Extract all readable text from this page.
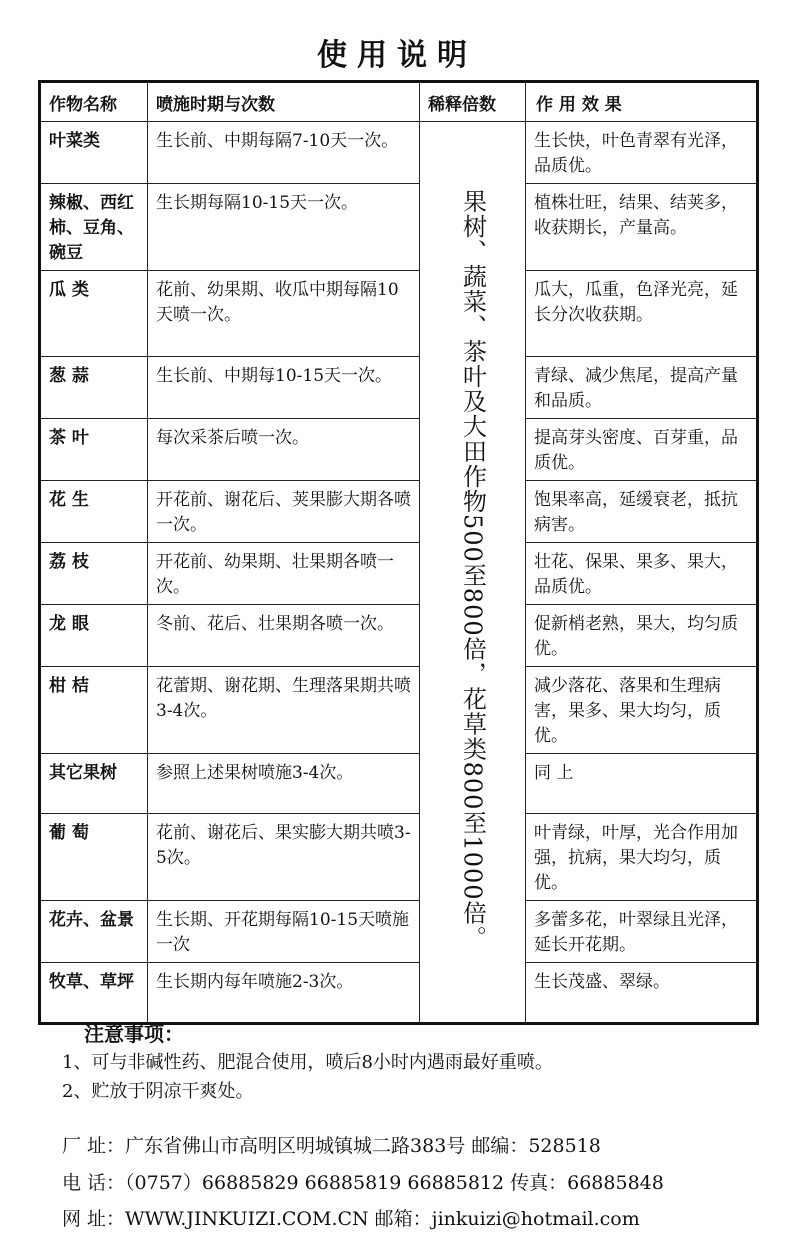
使用说明
作物名称	喷施时期与次数	稀释倍数	作 用 效 果

叶菜类	生长前、中期每隔7-10天一次。	果树、蔬菜、茶叶及大田作物500至800倍，花草类800至1000倍。	生长快，叶色青翠有光泽，品质优。

辣椒、西红柿、豆角、碗豆	生长期每隔10-15天一次。		植株壮旺，结果、结荚多，收获期长，产量高。

瓜 类	花前、幼果期、收瓜中期每隔10天喷一次。		瓜大，瓜重，色泽光亮，延长分次收获期。

葱 蒜	生长前、中期每10-15天一次。		青绿、减少焦尾，提高产量和品质。

茶 叶	每次采茶后喷一次。		提高芽头密度、百芽重，品质优。

花 生	开花前、谢花后、荚果膨大期各喷一次。		饱果率高，延缓衰老，抵抗病害。

荔 枝	开花前、幼果期、壮果期各喷一次。		壮花、保果、果多、果大，品质优。

龙 眼	冬前、花后、壮果期各喷一次。		促新梢老熟，果大，均匀质优。

柑 桔	花蕾期、谢花期、生理落果期共喷3-4次。		减少落花、落果和生理病害，果多、果大均匀，质优。

其它果树	参照上述果树喷施3-4次。		同 上

葡 萄	花前、谢花后、果实膨大期共喷3-5次。		叶青绿，叶厚，光合作用加强，抗病，果大均匀，质优。

花卉、盆景	生长期、开花期每隔10-15天喷施一次		多蕾多花，叶翠绿且光泽，延长开花期。

牧草、草坪	生长期内每年喷施2-3次。		生长茂盛、翠绿。
注意事项：
1、可与非碱性药、肥混合使用，喷后8小时内遇雨最好重喷。
2、贮放于阴凉干爽处。
厂 址：广东省佛山市高明区明城镇城二路383号 邮编：528518
电 话：（0757）66885829 66885819 66885812 传真：66885848
网 址：WWW.JINKUIZI.COM.CN 邮箱：jinkuizi@hotmail.com
